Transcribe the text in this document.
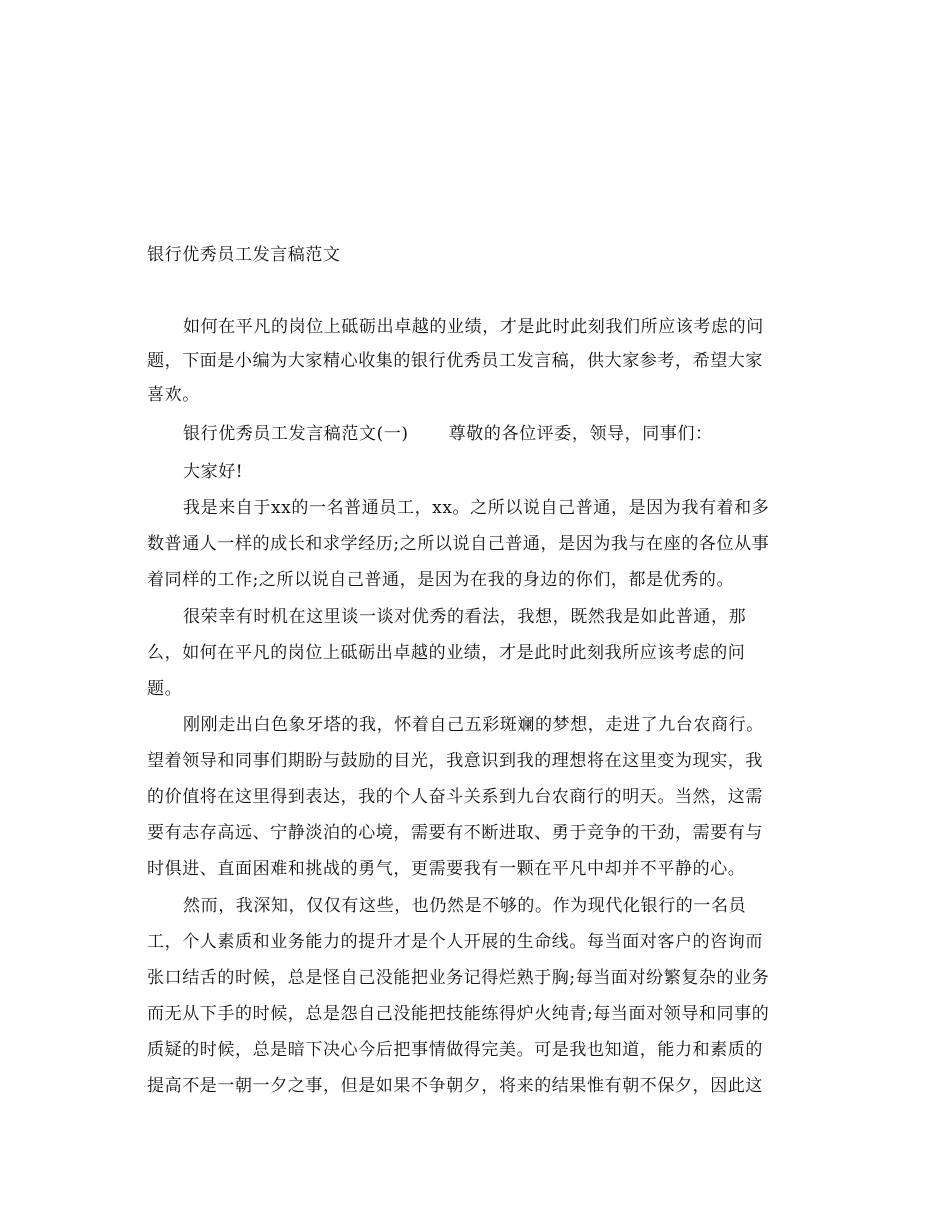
银行优秀员工发言稿范文
如何在平凡的岗位上砥砺出卓越的业绩，才是此时此刻我们所应该考虑的问
题，下面是小编为大家精心收集的银行优秀员工发言稿，供大家参考，希望大家
喜欢。
银行优秀员工发言稿范文(一) 尊敬的各位评委，领导，同事们：
大家好!
我是来自于xx的一名普通员工，xx。之所以说自己普通，是因为我有着和多
数普通人一样的成长和求学经历;之所以说自己普通，是因为我与在座的各位从事
着同样的工作;之所以说自己普通，是因为在我的身边的你们，都是优秀的。
很荣幸有时机在这里谈一谈对优秀的看法，我想，既然我是如此普通，那
么，如何在平凡的岗位上砥砺出卓越的业绩，才是此时此刻我所应该考虑的问
题。
刚刚走出白色象牙塔的我，怀着自己五彩斑斓的梦想，走进了九台农商行。
望着领导和同事们期盼与鼓励的目光，我意识到我的理想将在这里变为现实，我
的价值将在这里得到表达，我的个人奋斗关系到九台农商行的明天。当然，这需
要有志存高远、宁静淡泊的心境，需要有不断进取、勇于竞争的干劲，需要有与
时俱进、直面困难和挑战的勇气，更需要我有一颗在平凡中却并不平静的心。
然而，我深知，仅仅有这些，也仍然是不够的。作为现代化银行的一名员
工，个人素质和业务能力的提升才是个人开展的生命线。每当面对客户的咨询而
张口结舌的时候，总是怪自己没能把业务记得烂熟于胸;每当面对纷繁复杂的业务
而无从下手的时候，总是怨自己没能把技能练得炉火纯青;每当面对领导和同事的
质疑的时候，总是暗下决心今后把事情做得完美。可是我也知道，能力和素质的
提高不是一朝一夕之事，但是如果不争朝夕，将来的结果惟有朝不保夕，因此这
